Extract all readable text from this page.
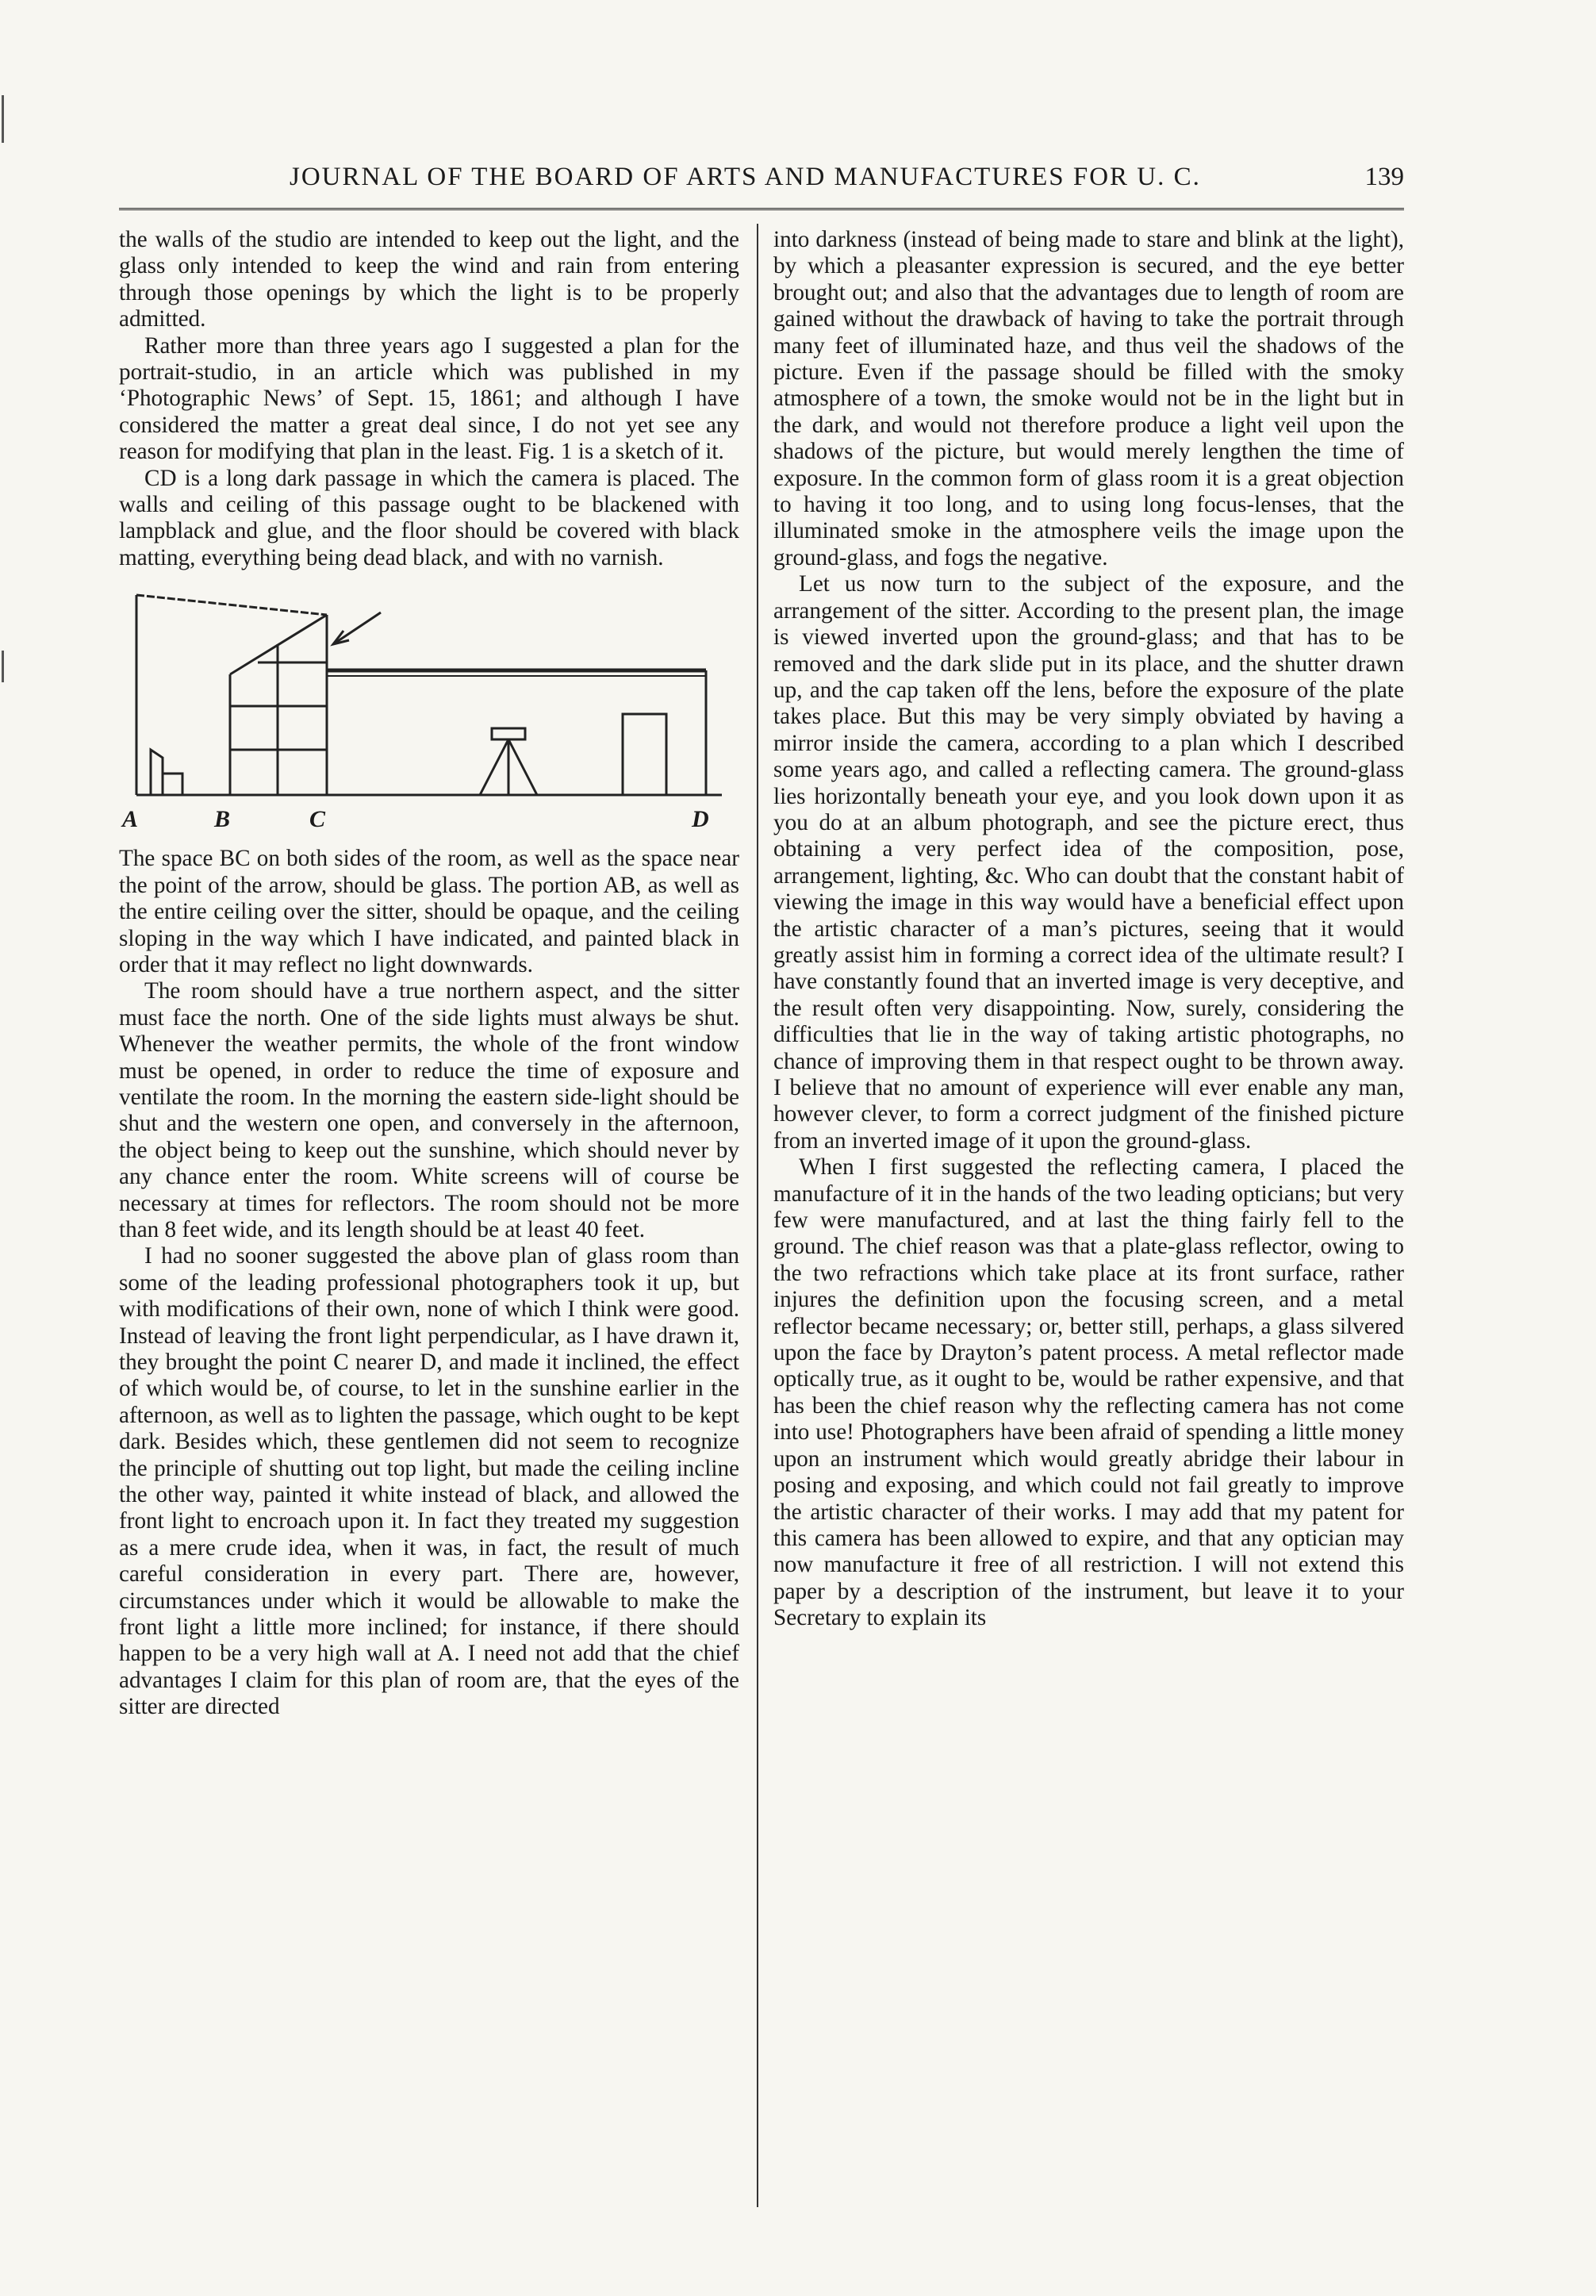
JOURNAL OF THE BOARD OF ARTS AND MANUFACTURES FOR U. C.	139

the walls of the studio are intended to keep out the light, and the glass only intended to keep the wind and rain from entering through those openings by which the light is to be properly admitted.

Rather more than three years ago I suggested a plan for the portrait-studio, in an article which was published in my ‘Photographic News’ of Sept. 15, 1861; and although I have considered the matter a great deal since, I do not yet see any reason for modifying that plan in the least. Fig. 1 is a sketch of it.

CD is a long dark passage in which the camera is placed. The walls and ceiling of this passage ought to be blackened with lampblack and glue, and the floor should be covered with black matting, everything being dead black, and with no varnish.

A	B	C	D

The space BC on both sides of the room, as well as the space near the point of the arrow, should be glass. The portion AB, as well as the entire ceiling over the sitter, should be opaque, and the ceiling sloping in the way which I have indicated, and painted black in order that it may reflect no light downwards.

The room should have a true northern aspect, and the sitter must face the north. One of the side lights must always be shut. Whenever the weather permits, the whole of the front window must be opened, in order to reduce the time of exposure and ventilate the room. In the morning the eastern side-light should be shut and the western one open, and conversely in the afternoon, the object being to keep out the sunshine, which should never by any chance enter the room. White screens will of course be necessary at times for reflectors. The room should not be more than 8 feet wide, and its length should be at least 40 feet.

I had no sooner suggested the above plan of glass room than some of the leading professional photographers took it up, but with modifications of their own, none of which I think were good. Instead of leaving the front light perpendicular, as I have drawn it, they brought the point C nearer D, and made it inclined, the effect of which would be, of course, to let in the sunshine earlier in the afternoon, as well as to lighten the passage, which ought to be kept dark. Besides which, these gentlemen did not seem to recognize the principle of shutting out top light, but made the ceiling incline the other way, painted it white instead of black, and allowed the front light to encroach upon it. In fact they treated my suggestion as a mere crude idea, when it was, in fact, the result of much careful consideration in every part. There are, however, circumstances under which it would be allowable to make the front light a little more inclined; for instance, if there should happen to be a very high wall at A. I need not add that the chief advantages I claim for this plan of room are, that the eyes of the sitter are directed

into darkness (instead of being made to stare and blink at the light), by which a pleasanter expression is secured, and the eye better brought out; and also that the advantages due to length of room are gained without the drawback of having to take the portrait through many feet of illuminated haze, and thus veil the shadows of the picture. Even if the passage should be filled with the smoky atmosphere of a town, the smoke would not be in the light but in the dark, and would not therefore produce a light veil upon the shadows of the picture, but would merely lengthen the time of exposure. In the common form of glass room it is a great objection to having it too long, and to using long focus-lenses, that the illuminated smoke in the atmosphere veils the image upon the ground-glass, and fogs the negative.

Let us now turn to the subject of the exposure, and the arrangement of the sitter. According to the present plan, the image is viewed inverted upon the ground-glass; and that has to be removed and the dark slide put in its place, and the shutter drawn up, and the cap taken off the lens, before the exposure of the plate takes place. But this may be very simply obviated by having a mirror inside the camera, according to a plan which I described some years ago, and called a reflecting camera. The ground-glass lies horizontally beneath your eye, and you look down upon it as you do at an album photograph, and see the picture erect, thus obtaining a very perfect idea of the composition, pose, arrangement, lighting, &c. Who can doubt that the constant habit of viewing the image in this way would have a beneficial effect upon the artistic character of a man’s pictures, seeing that it would greatly assist him in forming a correct idea of the ultimate result? I have constantly found that an inverted image is very deceptive, and the result often very disappointing. Now, surely, considering the difficulties that lie in the way of taking artistic photographs, no chance of improving them in that respect ought to be thrown away. I believe that no amount of experience will ever enable any man, however clever, to form a correct judgment of the finished picture from an inverted image of it upon the ground-glass.

When I first suggested the reflecting camera, I placed the manufacture of it in the hands of the two leading opticians; but very few were manufactured, and at last the thing fairly fell to the ground. The chief reason was that a plate-glass reflector, owing to the two refractions which take place at its front surface, rather injures the definition upon the focusing screen, and a metal reflector became necessary; or, better still, perhaps, a glass silvered upon the face by Drayton’s patent process. A metal reflector made optically true, as it ought to be, would be rather expensive, and that has been the chief reason why the reflecting camera has not come into use! Photographers have been afraid of spending a little money upon an instrument which would greatly abridge their labour in posing and exposing, and which could not fail greatly to improve the artistic character of their works. I may add that my patent for this camera has been allowed to expire, and that any optician may now manufacture it free of all restriction. I will not extend this paper by a description of the instrument, but leave it to your Secretary to explain its
